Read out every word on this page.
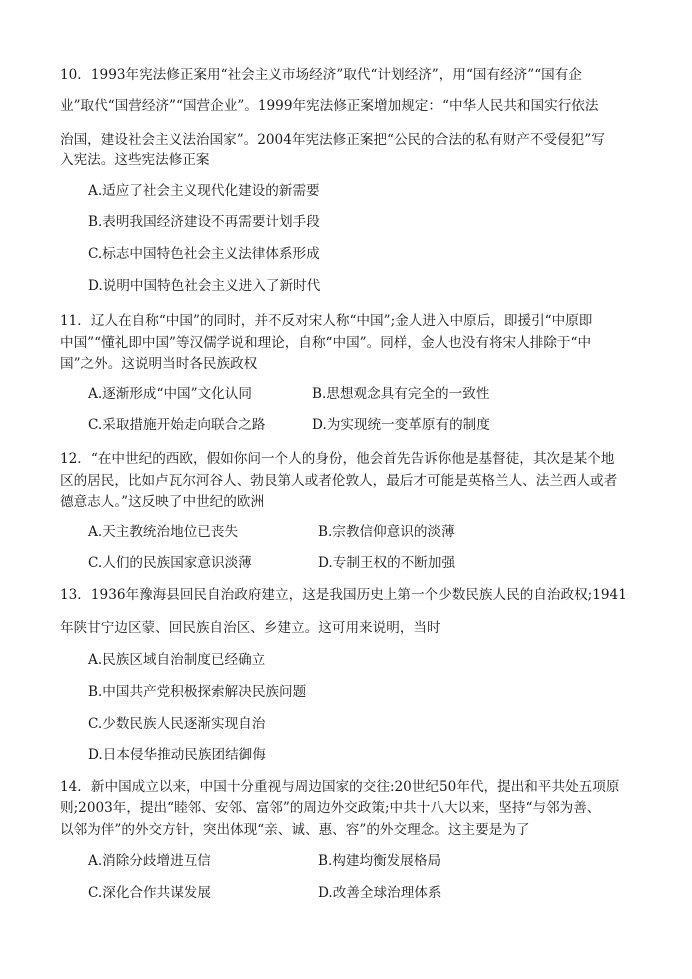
10．1993年宪法修正案用“社会主义市场经济”取代“计划经济”，用“国有经济”“国有企
业”取代“国营经济”“国营企业”。1999年宪法修正案增加规定：“中华人民共和国实行依法
治国，建设社会主义法治国家”。2004年宪法修正案把“公民的合法的私有财产不受侵犯”写
入宪法。这些宪法修正案
A.适应了社会主义现代化建设的新需要
B.表明我国经济建设不再需要计划手段
C.标志中国特色社会主义法律体系形成
D.说明中国特色社会主义进入了新时代
11．辽人在自称“中国”的同时，并不反对宋人称“中国”;金人进入中原后，即援引“中原即
中国”“懂礼即中国”等汉儒学说和理论，自称“中国”。同样，金人也没有将宋人排除于“中
国”之外。这说明当时各民族政权
A.逐渐形成“中国”文化认同	B.思想观念具有完全的一致性
C.采取措施开始走向联合之路	D.为实现统一变革原有的制度
12．“在中世纪的西欧，假如你问一个人的身份，他会首先告诉你他是基督徒，其次是某个地
区的居民，比如卢瓦尔河谷人、勃艮第人或者伦敦人，最后才可能是英格兰人、法兰西人或者
德意志人。”这反映了中世纪的欧洲
A.天主教统治地位已丧失	B.宗教信仰意识的淡薄
C.人们的民族国家意识淡薄	D.专制王权的不断加强
13．1936年豫海县回民自治政府建立，这是我国历史上第一个少数民族人民的自治政权;1941
年陕甘宁边区蒙、回民族自治区、乡建立。这可用来说明，当时
A.民族区域自治制度已经确立
B.中国共产党积极探索解决民族问题
C.少数民族人民逐渐实现自治
D.日本侵华推动民族团结御侮
14．新中国成立以来，中国十分重视与周边国家的交往:20世纪50年代，提出和平共处五项原
则;2003年，提出“睦邻、安邻、富邻”的周边外交政策;中共十八大以来，坚持“与邻为善、
以邻为伴”的外交方针，突出体现“亲、诚、惠、容”的外交理念。这主要是为了
A.消除分歧增进互信	B.构建均衡发展格局
C.深化合作共谋发展	D.改善全球治理体系
